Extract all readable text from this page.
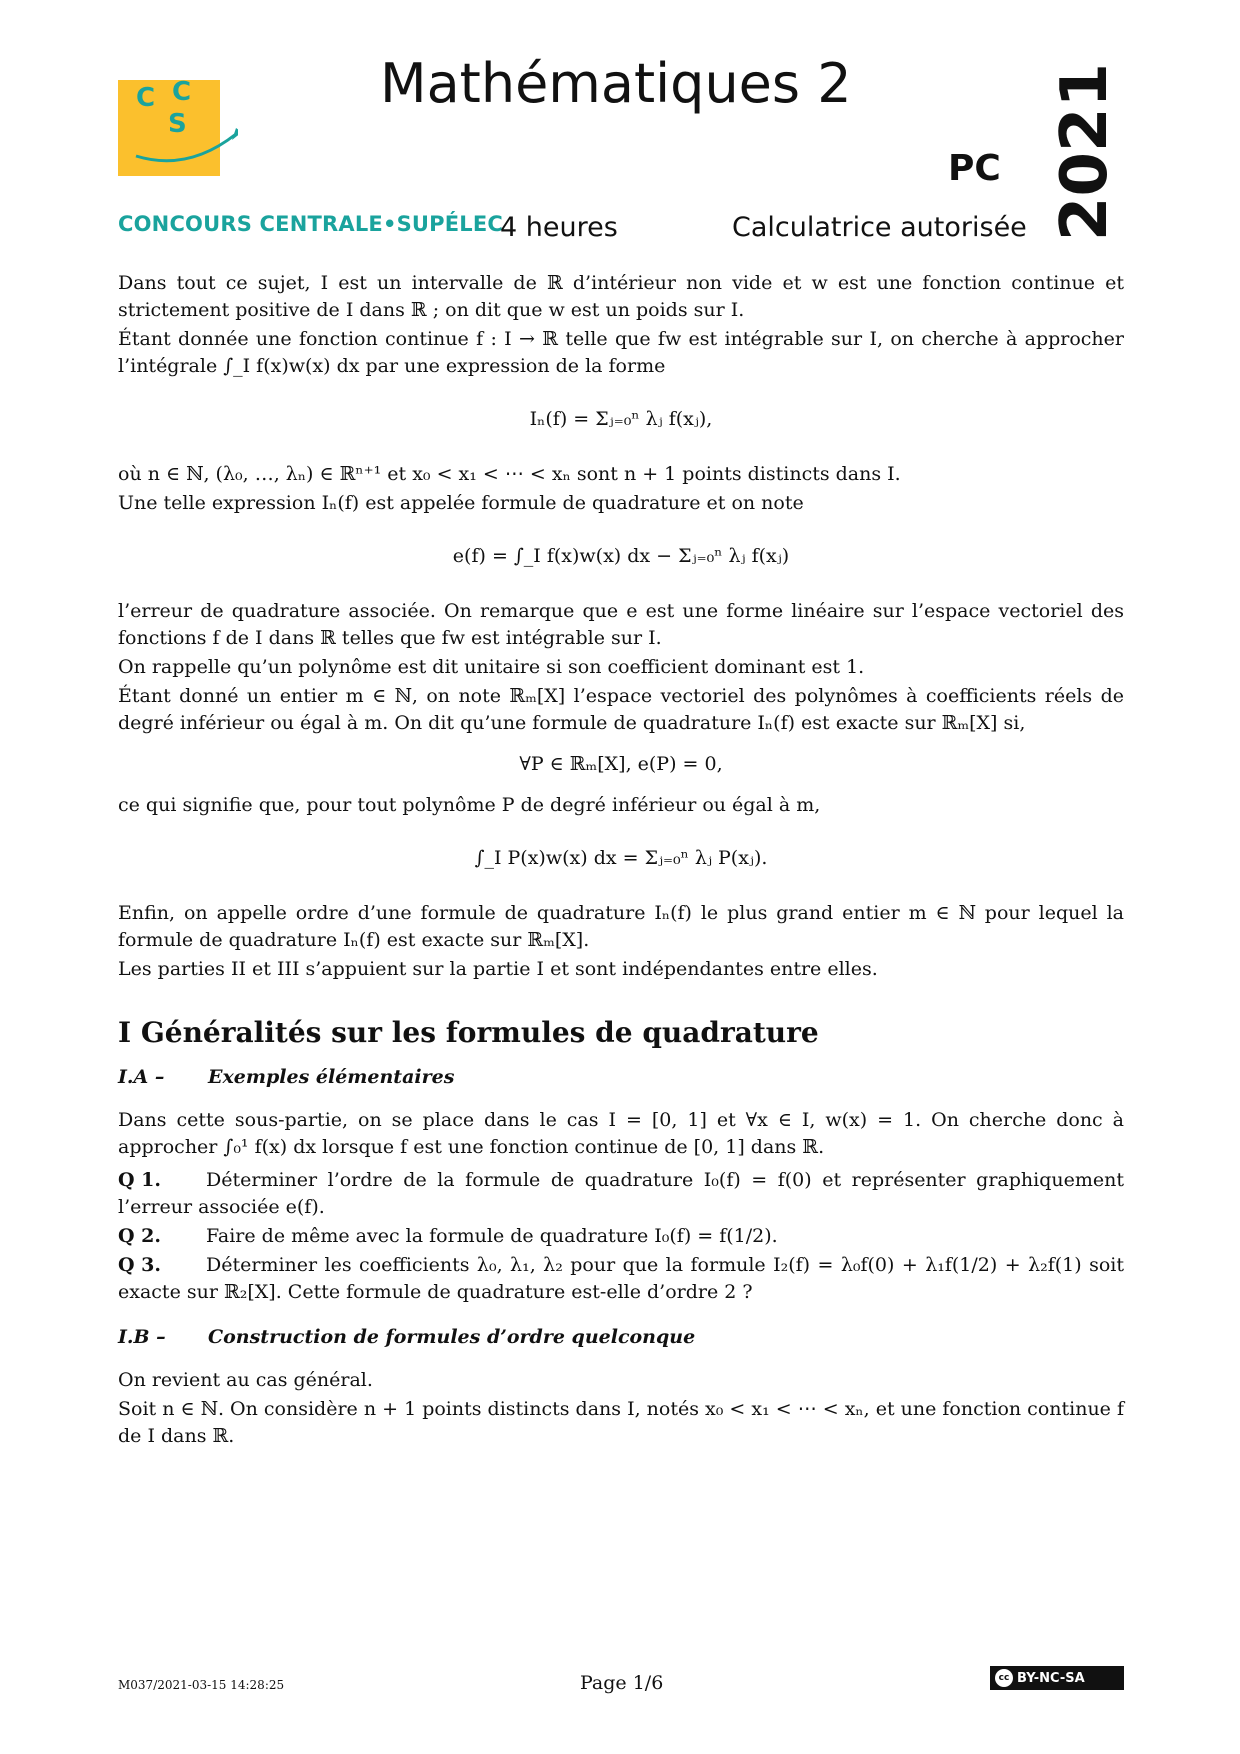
C C
S
CONCOURS CENTRALE•SUPÉLEC
Mathématiques 2
PC 2021
4 heures	Calculatrice autorisée

Dans tout ce sujet, I est un intervalle de ℝ d’intérieur non vide et w est une fonction continue et strictement positive de I dans ℝ ; on dit que w est un poids sur I.

Étant donnée une fonction continue f : I → ℝ telle que fw est intégrable sur I, on cherche à approcher l’intégrale ∫_I f(x)w(x) dx par une expression de la forme

Iₙ(f) = Σⱼ₌₀ⁿ λⱼ f(xⱼ),

où n ∈ ℕ, (λ₀, …, λₙ) ∈ ℝⁿ⁺¹ et x₀ < x₁ < ⋯ < xₙ sont n + 1 points distincts dans I.

Une telle expression Iₙ(f) est appelée formule de quadrature et on note

e(f) = ∫_I f(x)w(x) dx − Σⱼ₌₀ⁿ λⱼ f(xⱼ)

l’erreur de quadrature associée. On remarque que e est une forme linéaire sur l’espace vectoriel des fonctions f de I dans ℝ telles que fw est intégrable sur I.

On rappelle qu’un polynôme est dit unitaire si son coefficient dominant est 1.

Étant donné un entier m ∈ ℕ, on note ℝₘ[X] l’espace vectoriel des polynômes à coefficients réels de degré inférieur ou égal à m. On dit qu’une formule de quadrature Iₙ(f) est exacte sur ℝₘ[X] si,

∀P ∈ ℝₘ[X], e(P) = 0,

ce qui signifie que, pour tout polynôme P de degré inférieur ou égal à m,

∫_I P(x)w(x) dx = Σⱼ₌₀ⁿ λⱼ P(xⱼ).

Enfin, on appelle ordre d’une formule de quadrature Iₙ(f) le plus grand entier m ∈ ℕ pour lequel la formule de quadrature Iₙ(f) est exacte sur ℝₘ[X].

Les parties II et III s’appuient sur la partie I et sont indépendantes entre elles.

I Généralités sur les formules de quadrature
I.A – Exemples élémentaires

Dans cette sous-partie, on se place dans le cas I = [0, 1] et ∀x ∈ I, w(x) = 1. On cherche donc à approcher ∫₀¹ f(x) dx lorsque f est une fonction continue de [0, 1] dans ℝ.

Q 1. Déterminer l’ordre de la formule de quadrature I₀(f) = f(0) et représenter graphiquement l’erreur associée e(f).

Q 2. Faire de même avec la formule de quadrature I₀(f) = f(1/2).

Q 3. Déterminer les coefficients λ₀, λ₁, λ₂ pour que la formule I₂(f) = λ₀f(0) + λ₁f(1/2) + λ₂f(1) soit exacte sur ℝ₂[X]. Cette formule de quadrature est-elle d’ordre 2 ?

I.B – Construction de formules d’ordre quelconque

On revient au cas général.

Soit n ∈ ℕ. On considère n + 1 points distincts dans I, notés x₀ < x₁ < ⋯ < xₙ, et une fonction continue f de I dans ℝ.

M037/2021-03-15 14:28:25	Page 1/6	cc BY-NC-SA
